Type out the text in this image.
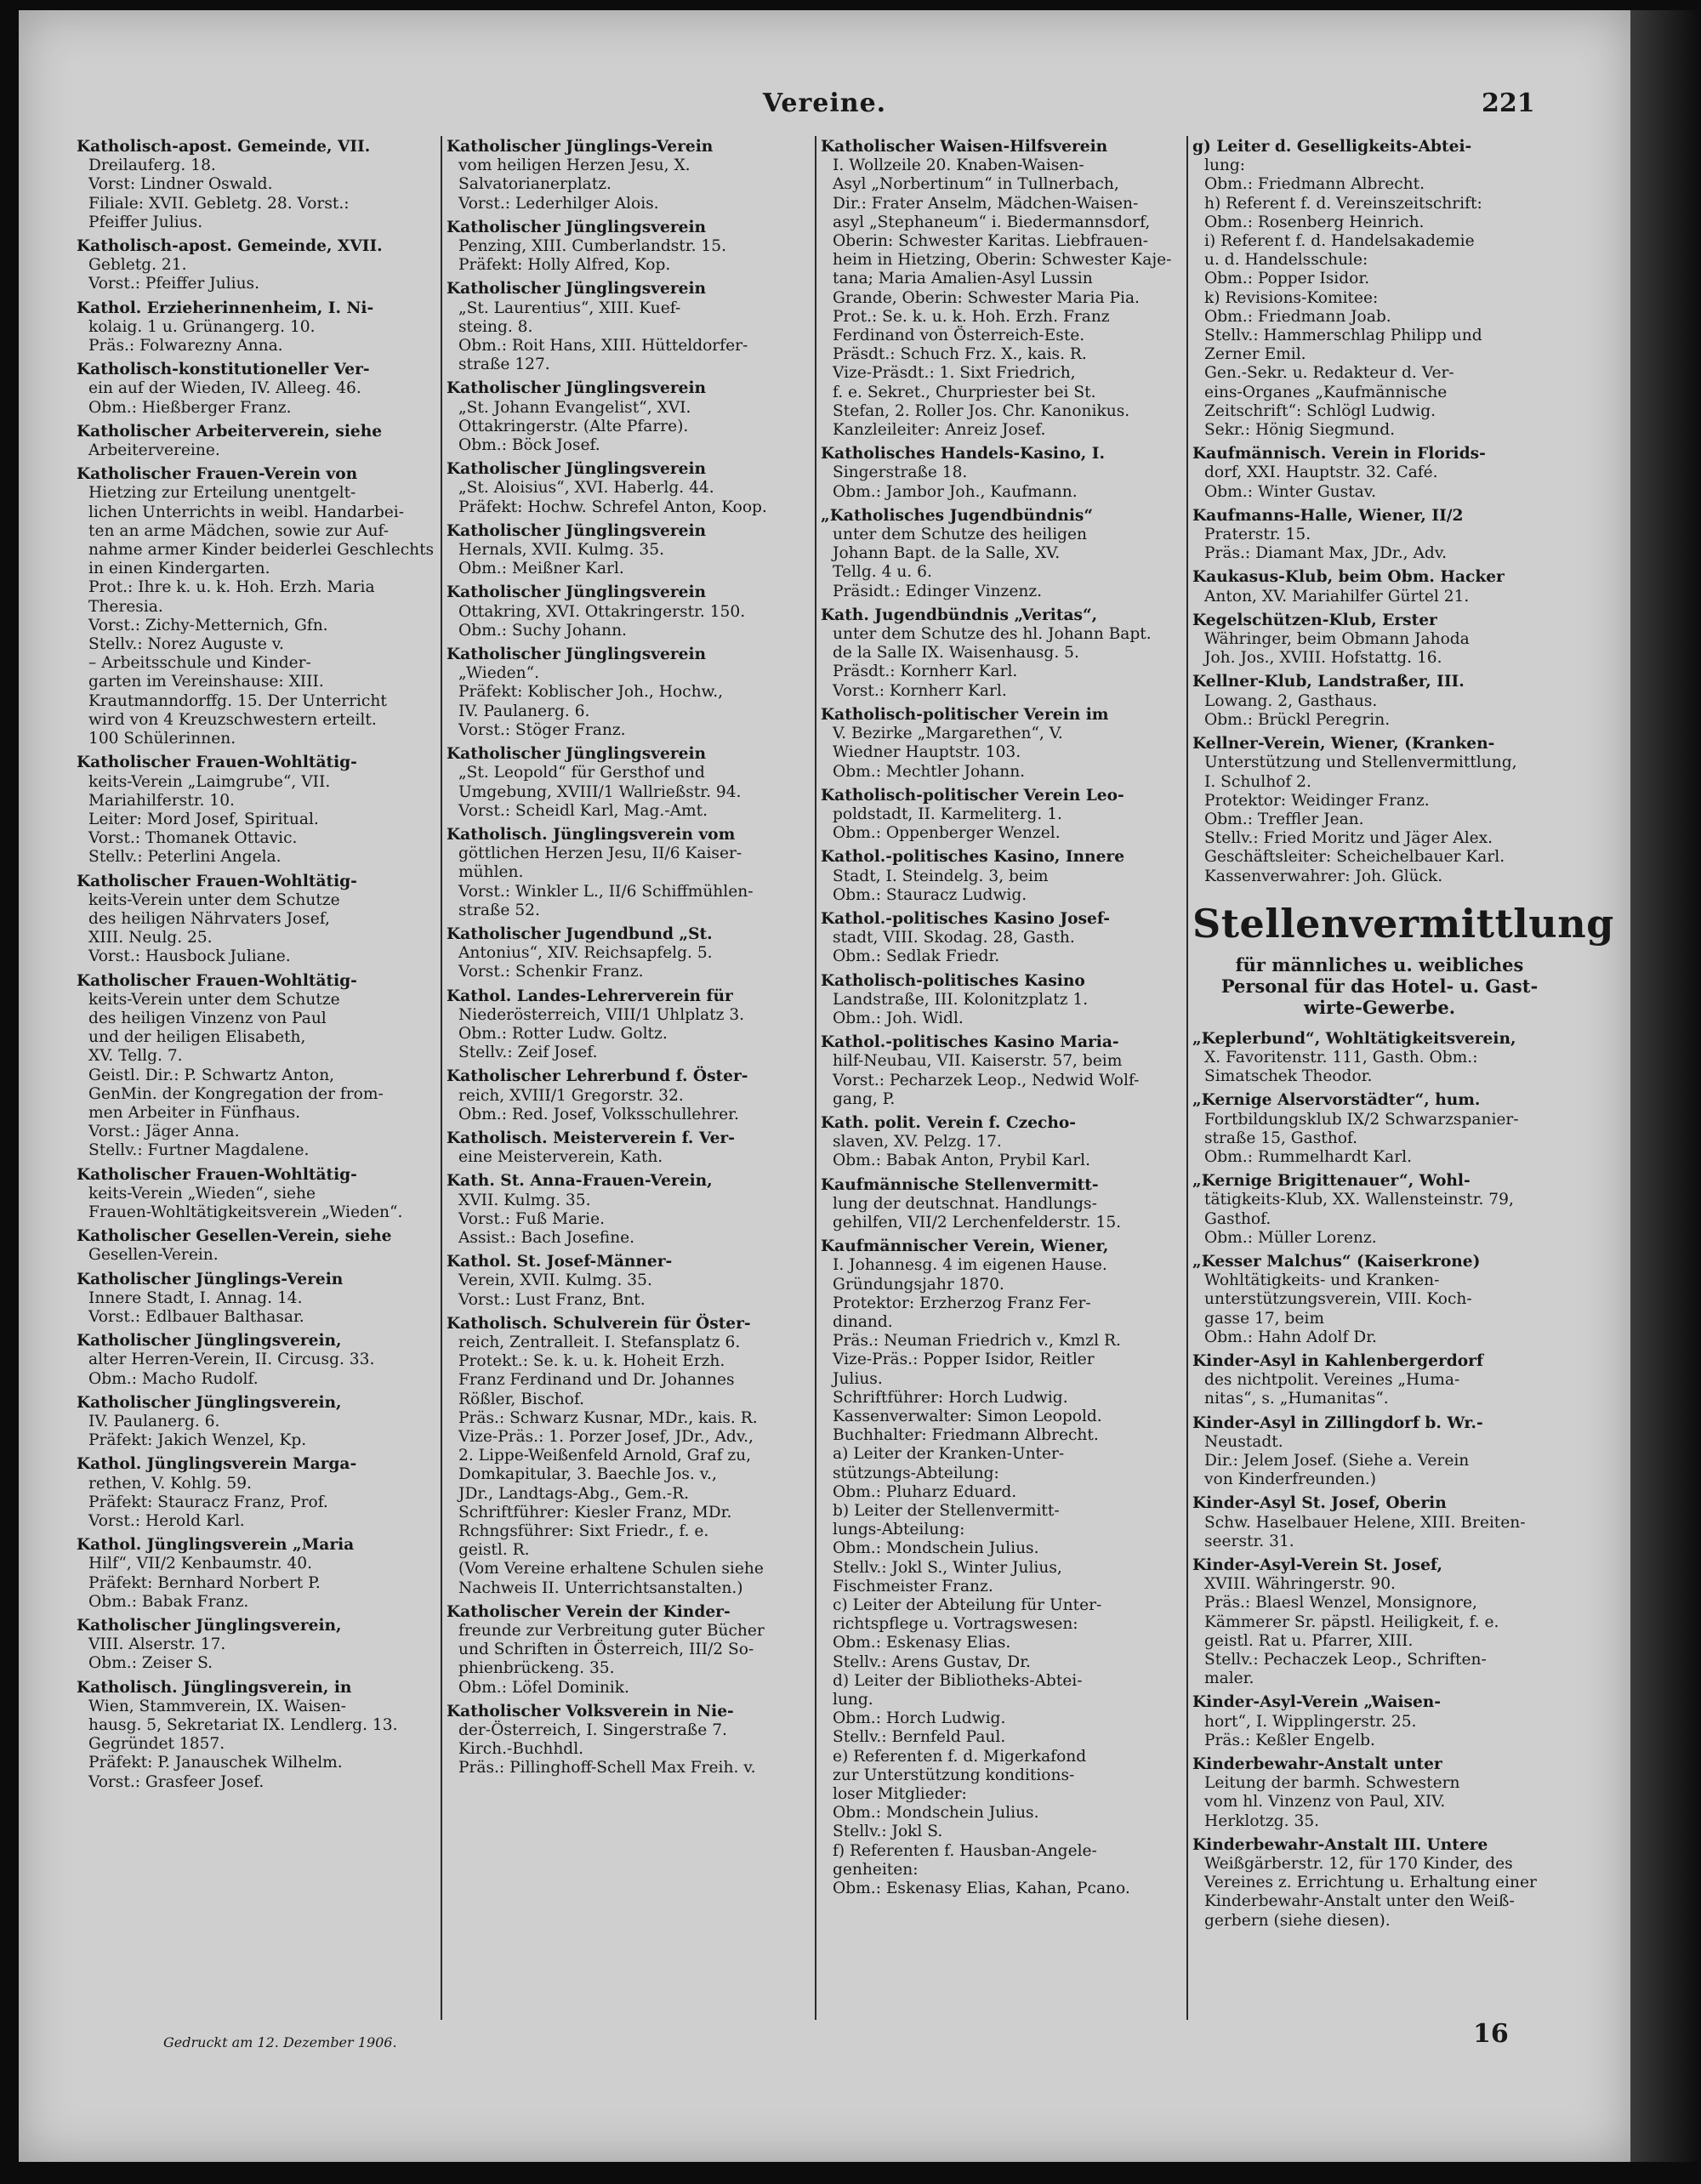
Vereine.	221
Katholisch-apost. Gemeinde, VII.
Dreilauferg. 18.
Vorst: Lindner Oswald.
Filiale: XVII. Gebletg. 28. Vorst.:
Pfeiffer Julius.
Katholisch-apost. Gemeinde, XVII.
Gebletg. 21.
Vorst.: Pfeiffer Julius.
Kathol. Erzieherinnenheim, I. Ni-
kolaig. 1 u. Grünangerg. 10.
Präs.: Folwarezny Anna.
Katholisch-konstitutioneller Ver-
ein auf der Wieden, IV. Alleeg. 46.
Obm.: Hießberger Franz.
Katholischer Arbeiterverein, siehe
Arbeitervereine.
Katholischer Frauen-Verein von
Hietzing zur Erteilung unentgelt-
lichen Unterrichts in weibl. Handarbei-
ten an arme Mädchen, sowie zur Auf-
nahme armer Kinder beiderlei Geschlechts
in einen Kindergarten.
Prot.: Ihre k. u. k. Hoh. Erzh. Maria
Theresia.
Vorst.: Zichy-Metternich, Gfn.
Stellv.: Norez Auguste v.
– Arbeitsschule und Kinder-
garten im Vereinshause: XIII.
Krautmanndorffg. 15. Der Unterricht
wird von 4 Kreuzschwestern erteilt.
100 Schülerinnen.
Katholischer Frauen-Wohltätig-
keits-Verein „Laimgrube“, VII.
Mariahilferstr. 10.
Leiter: Mord Josef, Spiritual.
Vorst.: Thomanek Ottavic.
Stellv.: Peterlini Angela.
Katholischer Frauen-Wohltätig-
keits-Verein unter dem Schutze
des heiligen Nährvaters Josef,
XIII. Neulg. 25.
Vorst.: Hausbock Juliane.
Katholischer Frauen-Wohltätig-
keits-Verein unter dem Schutze
des heiligen Vinzenz von Paul
und der heiligen Elisabeth,
XV. Tellg. 7.
Geistl. Dir.: P. Schwartz Anton,
GenMin. der Kongregation der from-
men Arbeiter in Fünfhaus.
Vorst.: Jäger Anna.
Stellv.: Furtner Magdalene.
Katholischer Frauen-Wohltätig-
keits-Verein „Wieden“, siehe
Frauen-Wohltätigkeitsverein „Wieden“.
Katholischer Gesellen-Verein, siehe
Gesellen-Verein.
Katholischer Jünglings-Verein
Innere Stadt, I. Annag. 14.
Vorst.: Edlbauer Balthasar.
Katholischer Jünglingsverein,
alter Herren-Verein, II. Circusg. 33.
Obm.: Macho Rudolf.
Katholischer Jünglingsverein,
IV. Paulanerg. 6.
Präfekt: Jakich Wenzel, Kp.
Kathol. Jünglingsverein Marga-
rethen, V. Kohlg. 59.
Präfekt: Stauracz Franz, Prof.
Vorst.: Herold Karl.
Kathol. Jünglingsverein „Maria
Hilf“, VII/2 Kenbaumstr. 40.
Präfekt: Bernhard Norbert P.
Obm.: Babak Franz.
Katholischer Jünglingsverein,
VIII. Alserstr. 17.
Obm.: Zeiser S.
Katholisch. Jünglingsverein, in
Wien, Stammverein, IX. Waisen-
hausg. 5, Sekretariat IX. Lendlerg. 13.
Gegründet 1857.
Präfekt: P. Janauschek Wilhelm.
Vorst.: Grasfeer Josef.
Katholischer Jünglings-Verein
vom heiligen Herzen Jesu, X.
Salvatorianerplatz.
Vorst.: Lederhilger Alois.
Katholischer Jünglingsverein
Penzing, XIII. Cumberlandstr. 15.
Präfekt: Holly Alfred, Kop.
Katholischer Jünglingsverein
„St. Laurentius“, XIII. Kuef-
steing. 8.
Obm.: Roit Hans, XIII. Hütteldorfer-
straße 127.
Katholischer Jünglingsverein
„St. Johann Evangelist“, XVI.
Ottakringerstr. (Alte Pfarre).
Obm.: Böck Josef.
Katholischer Jünglingsverein
„St. Aloisius“, XVI. Haberlg. 44.
Präfekt: Hochw. Schrefel Anton, Koop.
Katholischer Jünglingsverein
Hernals, XVII. Kulmg. 35.
Obm.: Meißner Karl.
Katholischer Jünglingsverein
Ottakring, XVI. Ottakringerstr. 150.
Obm.: Suchy Johann.
Katholischer Jünglingsverein
„Wieden“.
Präfekt: Koblischer Joh., Hochw.,
IV. Paulanerg. 6.
Vorst.: Stöger Franz.
Katholischer Jünglingsverein
„St. Leopold“ für Gersthof und
Umgebung, XVIII/1 Wallrießstr. 94.
Vorst.: Scheidl Karl, Mag.-Amt.
Katholisch. Jünglingsverein vom
göttlichen Herzen Jesu, II/6 Kaiser-
mühlen.
Vorst.: Winkler L., II/6 Schiffmühlen-
straße 52.
Katholischer Jugendbund „St.
Antonius“, XIV. Reichsapfelg. 5.
Vorst.: Schenkir Franz.
Kathol. Landes-Lehrerverein für
Niederösterreich, VIII/1 Uhlplatz 3.
Obm.: Rotter Ludw. Goltz.
Stellv.: Zeif Josef.
Katholischer Lehrerbund f. Öster-
reich, XVIII/1 Gregorstr. 32.
Obm.: Red. Josef, Volksschullehrer.
Katholisch. Meisterverein f. Ver-
eine Meisterverein, Kath.
Kath. St. Anna-Frauen-Verein,
XVII. Kulmg. 35.
Vorst.: Fuß Marie.
Assist.: Bach Josefine.
Kathol. St. Josef-Männer-
Verein, XVII. Kulmg. 35.
Vorst.: Lust Franz, Bnt.
Katholisch. Schulverein für Öster-
reich, Zentralleit. I. Stefansplatz 6.
Protekt.: Se. k. u. k. Hoheit Erzh.
Franz Ferdinand und Dr. Johannes
Rößler, Bischof.
Präs.: Schwarz Kusnar, MDr., kais. R.
Vize-Präs.: 1. Porzer Josef, JDr., Adv.,
2. Lippe-Weißenfeld Arnold, Graf zu,
Domkapitular, 3. Baechle Jos. v.,
JDr., Landtags-Abg., Gem.-R.
Schriftführer: Kiesler Franz, MDr.
Rchngsführer: Sixt Friedr., f. e.
geistl. R.
(Vom Vereine erhaltene Schulen siehe
Nachweis II. Unterrichtsanstalten.)
Katholischer Verein der Kinder-
freunde zur Verbreitung guter Bücher
und Schriften in Österreich, III/2 So-
phienbrückeng. 35.
Obm.: Löfel Dominik.
Katholischer Volksverein in Nie-
der-Österreich, I. Singerstraße 7.
Kirch.-Buchhdl.
Präs.: Pillinghoff-Schell Max Freih. v.
Katholischer Waisen-Hilfsverein
I. Wollzeile 20. Knaben-Waisen-
Asyl „Norbertinum“ in Tullnerbach,
Dir.: Frater Anselm, Mädchen-Waisen-
asyl „Stephaneum“ i. Biedermannsdorf,
Oberin: Schwester Karitas. Liebfrauen-
heim in Hietzing, Oberin: Schwester Kaje-
tana; Maria Amalien-Asyl Lussin
Grande, Oberin: Schwester Maria Pia.
Prot.: Se. k. u. k. Hoh. Erzh. Franz
Ferdinand von Österreich-Este.
Präsdt.: Schuch Frz. X., kais. R.
Vize-Präsdt.: 1. Sixt Friedrich,
f. e. Sekret., Churpriester bei St.
Stefan, 2. Roller Jos. Chr. Kanonikus.
Kanzleileiter: Anreiz Josef.
Katholisches Handels-Kasino, I.
Singerstraße 18.
Obm.: Jambor Joh., Kaufmann.
„Katholisches Jugendbündnis“
unter dem Schutze des heiligen
Johann Bapt. de la Salle, XV.
Tellg. 4 u. 6.
Präsidt.: Edinger Vinzenz.
Kath. Jugendbündnis „Veritas“,
unter dem Schutze des hl. Johann Bapt.
de la Salle IX. Waisenhausg. 5.
Präsdt.: Kornherr Karl.
Vorst.: Kornherr Karl.
Katholisch-politischer Verein im
V. Bezirke „Margarethen“, V.
Wiedner Hauptstr. 103.
Obm.: Mechtler Johann.
Katholisch-politischer Verein Leo-
poldstadt, II. Karmeliterg. 1.
Obm.: Oppenberger Wenzel.
Kathol.-politisches Kasino, Innere
Stadt, I. Steindelg. 3, beim
Obm.: Stauracz Ludwig.
Kathol.-politisches Kasino Josef-
stadt, VIII. Skodag. 28, Gasth.
Obm.: Sedlak Friedr.
Katholisch-politisches Kasino
Landstraße, III. Kolonitzplatz 1.
Obm.: Joh. Widl.
Kathol.-politisches Kasino Maria-
hilf-Neubau, VII. Kaiserstr. 57, beim
Vorst.: Pecharzek Leop., Nedwid Wolf-
gang, P.
Kath. polit. Verein f. Czecho-
slaven, XV. Pelzg. 17.
Obm.: Babak Anton, Prybil Karl.
Kaufmännische Stellenvermitt-
lung der deutschnat. Handlungs-
gehilfen, VII/2 Lerchenfelderstr. 15.
Kaufmännischer Verein, Wiener,
I. Johannesg. 4 im eigenen Hause.
Gründungsjahr 1870.
Protektor: Erzherzog Franz Fer-
dinand.
Präs.: Neuman Friedrich v., Kmzl R.
Vize-Präs.: Popper Isidor, Reitler
Julius.
Schriftführer: Horch Ludwig.
Kassenverwalter: Simon Leopold.
Buchhalter: Friedmann Albrecht.
a) Leiter der Kranken-Unter-
stützungs-Abteilung:
Obm.: Pluharz Eduard.
b) Leiter der Stellenvermitt-
lungs-Abteilung:
Obm.: Mondschein Julius.
Stellv.: Jokl S., Winter Julius,
Fischmeister Franz.
c) Leiter der Abteilung für Unter-
richtspflege u. Vortragswesen:
Obm.: Eskenasy Elias.
Stellv.: Arens Gustav, Dr.
d) Leiter der Bibliotheks-Abtei-
lung.
Obm.: Horch Ludwig.
Stellv.: Bernfeld Paul.
e) Referenten f. d. Migerkafond
zur Unterstützung konditions-
loser Mitglieder:
Obm.: Mondschein Julius.
Stellv.: Jokl S.
f) Referenten f. Hausban-Angele-
genheiten:
Obm.: Eskenasy Elias, Kahan, Pcano.
g) Leiter d. Geselligkeits-Abtei-
lung:
Obm.: Friedmann Albrecht.
h) Referent f. d. Vereinszeitschrift:
Obm.: Rosenberg Heinrich.
i) Referent f. d. Handelsakademie
u. d. Handelsschule:
Obm.: Popper Isidor.
k) Revisions-Komitee:
Obm.: Friedmann Joab.
Stellv.: Hammerschlag Philipp und
Zerner Emil.
Gen.-Sekr. u. Redakteur d. Ver-
eins-Organes „Kaufmännische
Zeitschrift“: Schlögl Ludwig.
Sekr.: Hönig Siegmund.
Kaufmännisch. Verein in Florids-
dorf, XXI. Hauptstr. 32. Café.
Obm.: Winter Gustav.
Kaufmanns-Halle, Wiener, II/2
Praterstr. 15.
Präs.: Diamant Max, JDr., Adv.
Kaukasus-Klub, beim Obm. Hacker
Anton, XV. Mariahilfer Gürtel 21.
Kegelschützen-Klub, Erster
Währinger, beim Obmann Jahoda
Joh. Jos., XVIII. Hofstattg. 16.
Kellner-Klub, Landstraßer, III.
Lowang. 2, Gasthaus.
Obm.: Brückl Peregrin.
Kellner-Verein, Wiener, (Kranken-
Unterstützung und Stellenvermittlung,
I. Schulhof 2.
Protektor: Weidinger Franz.
Obm.: Treffler Jean.
Stellv.: Fried Moritz und Jäger Alex.
Geschäftsleiter: Scheichelbauer Karl.
Kassenverwahrer: Joh. Glück.
Stellenvermittlung
für männliches u. weibliches
Personal für das Hotel- u. Gast-
wirte-Gewerbe.
„Keplerbund“, Wohltätigkeitsverein,
X. Favoritenstr. 111, Gasth. Obm.:
Simatschek Theodor.
„Kernige Alservorstädter“, hum.
Fortbildungsklub IX/2 Schwarzspanier-
straße 15, Gasthof.
Obm.: Rummelhardt Karl.
„Kernige Brigittenauer“, Wohl-
tätigkeits-Klub, XX. Wallensteinstr. 79,
Gasthof.
Obm.: Müller Lorenz.
„Kesser Malchus“ (Kaiserkrone)
Wohltätigkeits- und Kranken-
unterstützungsverein, VIII. Koch-
gasse 17, beim
Obm.: Hahn Adolf Dr.
Kinder-Asyl in Kahlenbergerdorf
des nichtpolit. Vereines „Huma-
nitas“, s. „Humanitas“.
Kinder-Asyl in Zillingdorf b. Wr.-
Neustadt.
Dir.: Jelem Josef. (Siehe a. Verein
von Kinderfreunden.)
Kinder-Asyl St. Josef, Oberin
Schw. Haselbauer Helene, XIII. Breiten-
seerstr. 31.
Kinder-Asyl-Verein St. Josef,
XVIII. Währingerstr. 90.
Präs.: Blaesl Wenzel, Monsignore,
Kämmerer Sr. päpstl. Heiligkeit, f. e.
geistl. Rat u. Pfarrer, XIII.
Stellv.: Pechaczek Leop., Schriften-
maler.
Kinder-Asyl-Verein „Waisen-
hort“, I. Wipplingerstr. 25.
Präs.: Keßler Engelb.
Kinderbewahr-Anstalt unter
Leitung der barmh. Schwestern
vom hl. Vinzenz von Paul, XIV.
Herklotzg. 35.
Kinderbewahr-Anstalt III. Untere
Weißgärberstr. 12, für 170 Kinder, des
Vereines z. Errichtung u. Erhaltung einer
Kinderbewahr-Anstalt unter den Weiß-
gerbern (siehe diesen).
Gedruckt am 12. Dezember 1906.	16
